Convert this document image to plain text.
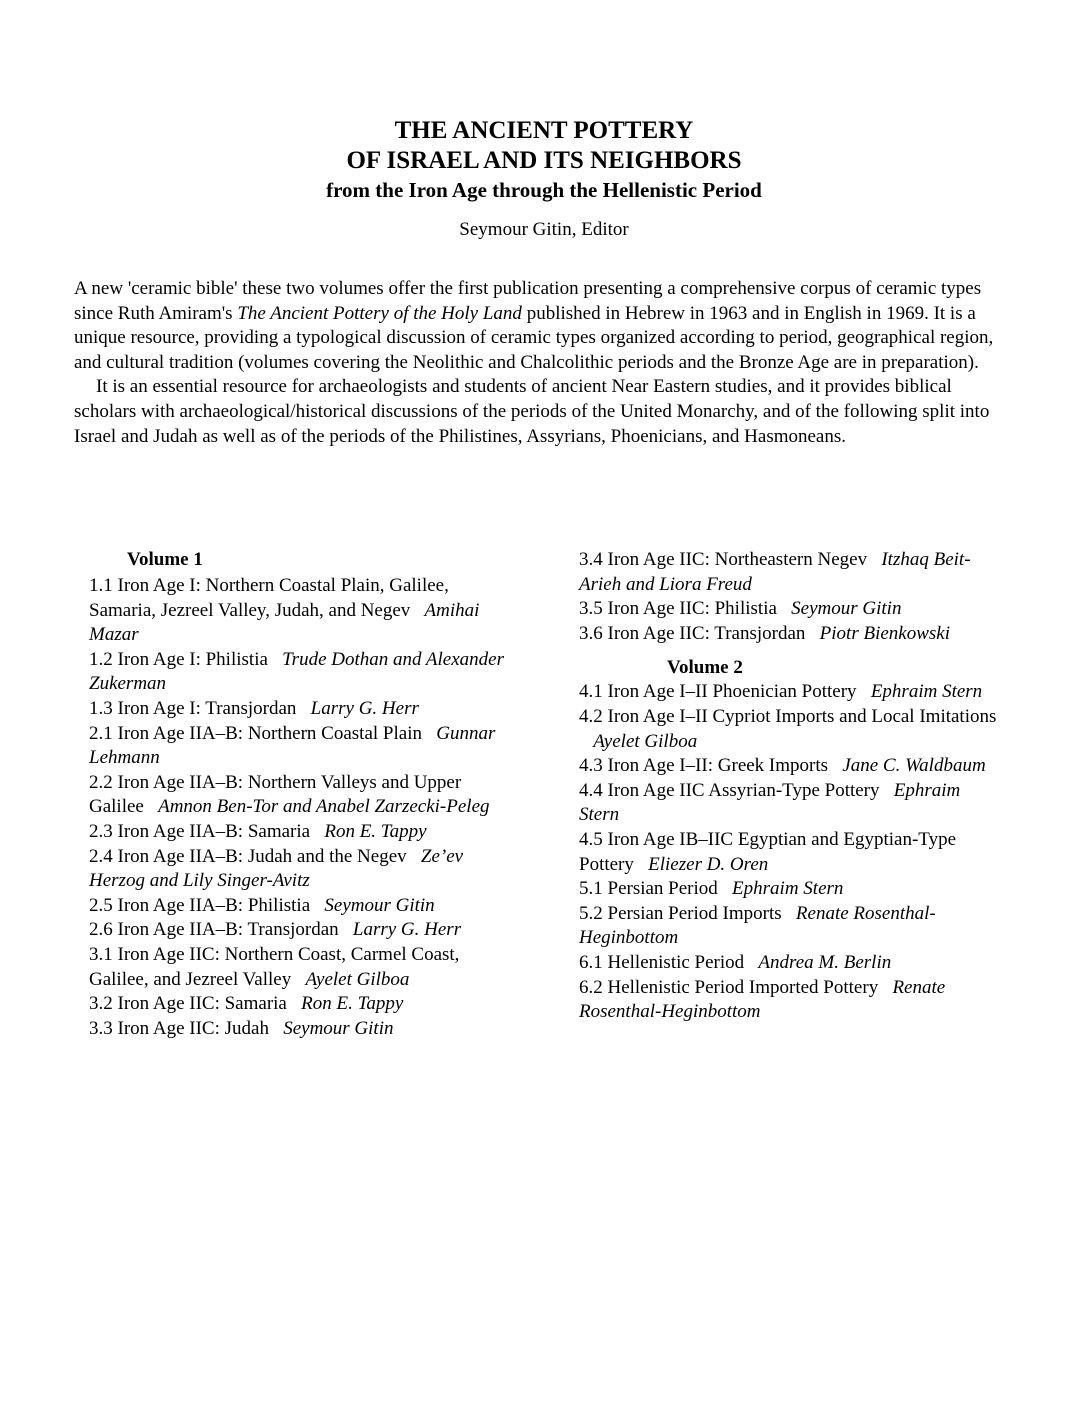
THE ANCIENT POTTERY
OF ISRAEL AND ITS NEIGHBORS
from the Iron Age through the Hellenistic Period
Seymour Gitin, Editor

A new 'ceramic bible' these two volumes offer the first publication presenting a comprehensive corpus of ceramic types since Ruth Amiram's The Ancient Pottery of the Holy Land published in Hebrew in 1963 and in English in 1969. It is a unique resource, providing a typological discussion of ceramic types organized according to period, geographical region, and cultural tradition (volumes covering the Neolithic and Chalcolithic periods and the Bronze Age are in preparation).

It is an essential resource for archaeologists and students of ancient Near Eastern studies, and it provides biblical scholars with archaeological/historical discussions of the periods of the United Monarchy, and of the following split into Israel and Judah as well as of the periods of the Philistines, Assyrians, Phoenicians, and Hasmoneans.

Volume 1
1.1 Iron Age I: Northern Coastal Plain, Galilee, Samaria, Jezreel Valley, Judah, and Negev Amihai Mazar
1.2 Iron Age I: Philistia Trude Dothan and Alexander Zukerman
1.3 Iron Age I: Transjordan Larry G. Herr
2.1 Iron Age IIA–B: Northern Coastal Plain Gunnar Lehmann
2.2 Iron Age IIA–B: Northern Valleys and Upper Galilee Amnon Ben-Tor and Anabel Zarzecki-Peleg
2.3 Iron Age IIA–B: Samaria Ron E. Tappy
2.4 Iron Age IIA–B: Judah and the Negev Ze’ev Herzog and Lily Singer-Avitz
2.5 Iron Age IIA–B: Philistia Seymour Gitin
2.6 Iron Age IIA–B: Transjordan Larry G. Herr
3.1 Iron Age IIC: Northern Coast, Carmel Coast, Galilee, and Jezreel Valley Ayelet Gilboa
3.2 Iron Age IIC: Samaria Ron E. Tappy
3.3 Iron Age IIC: Judah Seymour Gitin
3.4 Iron Age IIC: Northeastern Negev Itzhaq Beit-Arieh and Liora Freud
3.5 Iron Age IIC: Philistia Seymour Gitin
3.6 Iron Age IIC: Transjordan Piotr Bienkowski
Volume 2
4.1 Iron Age I–II Phoenician Pottery Ephraim Stern
4.2 Iron Age I–II Cypriot Imports and Local Imitations   Ayelet Gilboa
4.3 Iron Age I–II: Greek Imports Jane C. Waldbaum
4.4 Iron Age IIC Assyrian-Type Pottery Ephraim Stern
4.5 Iron Age IB–IIC Egyptian and Egyptian-Type Pottery Eliezer D. Oren
5.1 Persian Period Ephraim Stern
5.2 Persian Period Imports Renate Rosenthal-Heginbottom
6.1 Hellenistic Period Andrea M. Berlin
6.2 Hellenistic Period Imported Pottery Renate Rosenthal-Heginbottom
